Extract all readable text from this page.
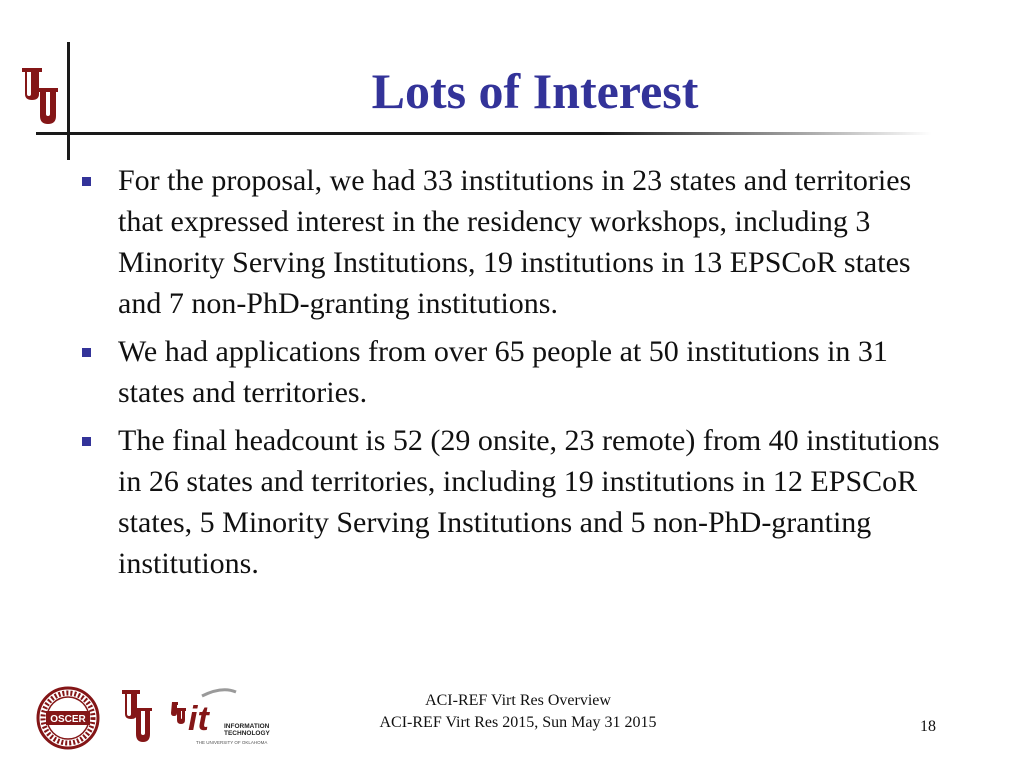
Lots of Interest
For the proposal, we had 33 institutions in 23 states and territories that expressed interest in the residency workshops, including 3 Minority Serving Institutions, 19 institutions in 13 EPSCoR states and 7 non-PhD-granting institutions.
We had applications from over 65 people at 50 institutions in 31 states and territories.
The final headcount is 52 (29 onsite, 23 remote) from 40 institutions in 26 states and territories, including 19 institutions in 12 EPSCoR states, 5 Minority Serving Institutions and 5 non-PhD-granting institutions.
OSCER	it INFORMATION
TECHNOLOGY
THE UNIVERSITY OF OKLAHOMA
ACI-REF Virt Res Overview
ACI-REF Virt Res 2015, Sun May 31 2015	18
